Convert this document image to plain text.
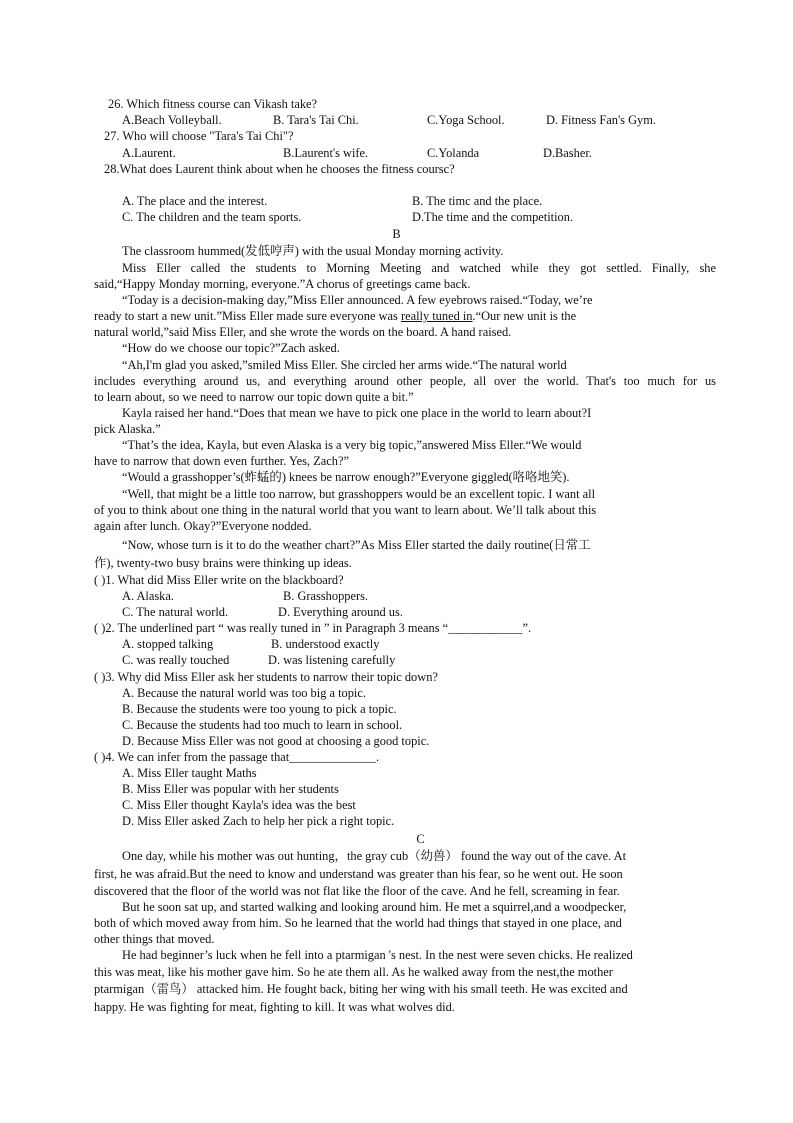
26. Which fitness course can Vikash take?
A.Beach Volleyball.	B. Tara's Tai Chi.	C.Yoga School.	D. Fitness Fan's Gym.
27. Who will choose "Tara's Tai Chi"?
A.Laurent.	B.Laurent's wife.	C.Yolanda	D.Basher.
28.What does Laurent think about when he chooses the fitness coursc?
A. The place and the interest.	B. The timc and the place.
C. The children and the team sports.	D.The time and the competition.
B
The classroom hummed(发低哼声) with the usual Monday morning activity.
Miss Eller called the students to Morning Meeting and watched while they got settled. Finally, she
said,“Happy Monday morning, everyone.”A chorus of greetings came back.
“Today is a decision-making day,”Miss Eller announced. A few eyebrows raised.“Today, we’re
ready to start a new unit.”Miss Eller made sure everyone was really tuned in.“Our new unit is the
natural world,”said Miss Eller, and she wrote the words on the board. A hand raised.
“How do we choose our topic?”Zach asked.
“Ah,I'm glad you asked,”smiled Miss Eller. She circled her arms wide.“The natural world
includes everything around us, and everything around other people, all over the world. That's too much for us
to learn about, so we need to narrow our topic down quite a bit.”
Kayla raised her hand.“Does that mean we have to pick one place in the world to learn about?I
pick Alaska.”
“That’s the idea, Kayla, but even Alaska is a very big topic,”answered Miss Eller.“We would
have to narrow that down even further. Yes, Zach?”
“Would a grasshopper’s(蚱蜢的) knees be narrow enough?”Everyone giggled(咯咯地笑).
“Well, that might be a little too narrow, but grasshoppers would be an excellent topic. I want all
of you to think about one thing in the natural world that you want to learn about. We’ll talk about this
again after lunch. Okay?”Everyone nodded.
“Now, whose turn is it to do the weather chart?”As Miss Eller started the daily routine(日常工
作), twenty-two busy brains were thinking up ideas.
( )1. What did Miss Eller write on the blackboard?
A. Alaska.	B. Grasshoppers.
C. The natural world.	D. Everything around us.
( )2. The underlined part “ was really tuned in ” in Paragraph 3 means “____________”.
A. stopped talking	B. understood exactly
C. was really touched	D. was listening carefully
( )3. Why did Miss Eller ask her students to narrow their topic down?
A. Because the natural world was too big a topic.
B. Because the students were too young to pick a topic.
C. Because the students had too much to learn in school.
D. Because Miss Eller was not good at choosing a good topic.
( )4. We can infer from the passage that______________.
A. Miss Eller taught Maths
B. Miss Eller was popular with her students
C. Miss Eller thought Kayla's idea was the best
D. Miss Eller asked Zach to help her pick a right topic.
C
One day, while his mother was out hunting，the gray cub（幼兽） found the way out of the cave. At
first, he was afraid.But the need to know and understand was greater than his fear, so he went out. He soon
discovered that the floor of the world was not flat like the floor of the cave. And he fell, screaming in fear.
But he soon sat up, and started walking and looking around him. He met a squirrel,and a woodpecker,
both of which moved away from him. So he learned that the world had things that stayed in one place, and
other things that moved.
He had beginner’s luck when he fell into a ptarmigan 's nest. In the nest were seven chicks. He realized
this was meat, like his mother gave him. So he ate them all. As he walked away from the nest,the mother
ptarmigan（雷鸟） attacked him. He fought back, biting her wing with his small teeth. He was excited and
happy. He was fighting for meat, fighting to kill. It was what wolves did.
